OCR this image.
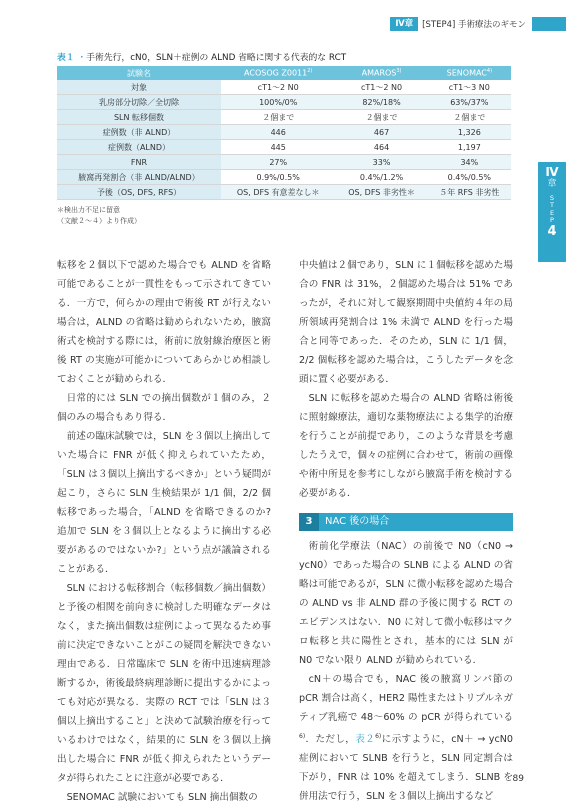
Ⅳ章	[STEP4] 手術療法のギモン
Ⅳ
章
S
T
E
P
4
表１ ・手術先行，cN0，SLN＋症例の ALND 省略に関する代表的な RCT
試験名	ACOSOG Z0011$^{2)}$	AMAROS$^{3)}$	SENOMAC$^{4)}$
対象	cT1〜2 N0	cT1〜2 N0	cT1〜3 N0
乳房部分切除／全切除	100%/0%	82%/18%	63%/37%
SLN 転移個数	２個まで	２個まで	２個まで
症例数（非 ALND）	446	467	1,326
症例数（ALND）	445	464	1,197
FNR	27%	33%	34%
腋窩再発割合（非 ALND/ALND）	0.9%/0.5%	0.4%/1.2%	0.4%/0.5%
予後（OS, DFS, RFS）	OS, DFS 有意差なし＊	OS, DFS 非劣性＊	５年 RFS 非劣性
＊検出力不足に留意
（文献２〜４）より作成）

転移を２個以下で認めた場合でも ALND を省略可能であることが一貫性をもって示されてきている．一方で，何らかの理由で術後 RT が行えない場合は，ALND の省略は勧められないため，腋窩術式を検討する際には，術前に放射線治療医と術後 RT の実施が可能かについてあらかじめ相談しておくことが勧められる．

日常的には SLN での摘出個数が１個のみ，２個のみの場合もあり得る．

前述の臨床試験では，SLN を３個以上摘出していた場合に FNR が低く抑えられていたため，「SLN は３個以上摘出するべきか」という疑問が起こり，さらに SLN 生検結果が 1/1 個，2/2 個転移であった場合，「ALND を省略できるのか? 追加で SLN を３個以上となるように摘出する必要があるのではないか?」という点が議論されることがある．

SLN における転移割合（転移個数／摘出個数）と予後の相関を前向きに検討した明確なデータはなく，また摘出個数は症例によって異なるため事前に決定できないことがこの疑問を解決できない理由である．日常臨床で SLN を術中迅速病理診断するか，術後最終病理診断に提出するかによっても対応が異なる．実際の RCT では「SLN は３個以上摘出すること」と決めて試験治療を行っているわけではなく，結果的に SLN を３個以上摘出した場合に FNR が低く抑えられたというデータが得られたことに注意が必要である．

SENOMAC 試験においても SLN 摘出個数の

中央値は２個であり，SLN に１個転移を認めた場合の FNR は 31%，２個認めた場合は 51% であったが，それに対して観察期間中央値約４年の局所領域再発割合は 1% 未満で ALND を行った場合と同等であった．そのため，SLN に 1/1 個，2/2 個転移を認めた場合は，こうしたデータを念頭に置く必要がある．

SLN に転移を認めた場合の ALND 省略は術後に照射線療法，適切な薬物療法による集学的治療を行うことが前提であり，このような背景を考慮したうえで，個々の症例に合わせて，術前の画像や術中所見を参考にしながら腋窩手術を検討する必要がある．

3	NAC 後の場合

術前化学療法（NAC）の前後で N0（cN0 → ycN0）であった場合の SLNB による ALND の省略は可能であるが，SLN に微小転移を認めた場合の ALND vs 非 ALND 群の予後に関する RCT のエビデンスはない．N0 に対して微小転移はマクロ転移と共に陽性とされ，基本的には SLN が N0 でない限り ALND が勧められている．

cN＋の場合でも，NAC 後の腋窩リンパ節の pCR 割合は高く，HER2 陽性またはトリプルネガティブ乳癌で 48〜60% の pCR が得られている$^{6)}$．ただし，表２$^{6)}$に示すように，cN＋ → ycN0 症例において SLNB を行うと，SLN 同定割合は下がり，FNR は 10% を超えてしまう．SLNB を併用法で行う，SLN を３個以上摘出するなど

89
